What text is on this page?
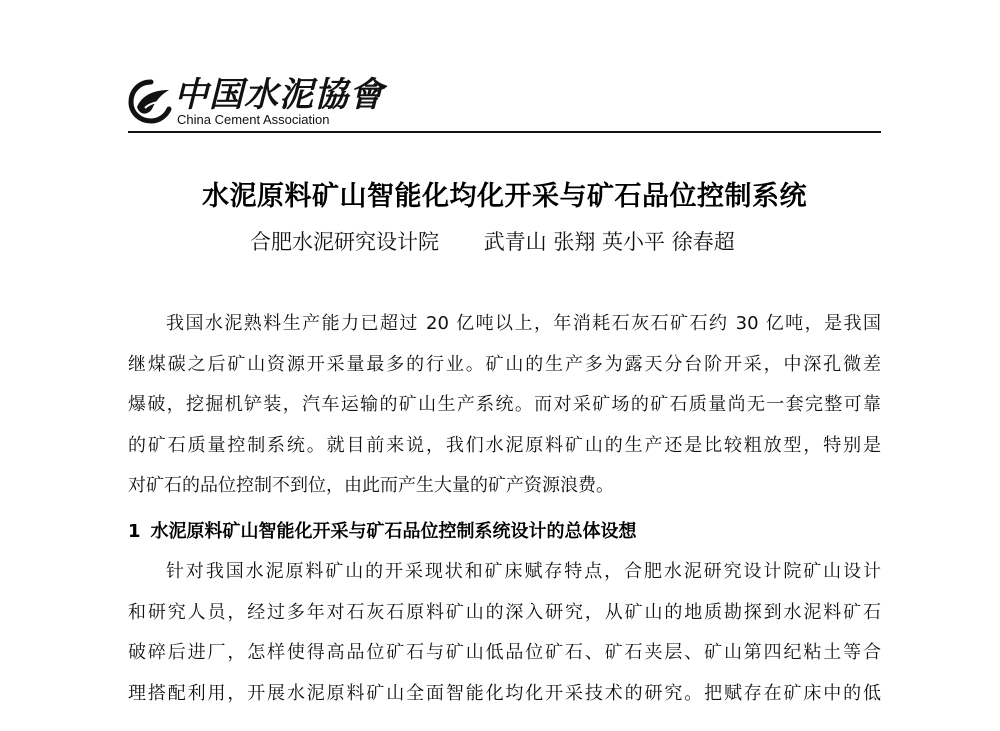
中国水泥協會
China Cement Association
水泥原料矿山智能化均化开采与矿石品位控制系统
合肥水泥研究设计院 武青山 张翔 英小平 徐春超
我国水泥熟料生产能力已超过 20 亿吨以上，年消耗石灰石矿石约 30 亿吨，是我国
继煤碳之后矿山资源开采量最多的行业。矿山的生产多为露天分台阶开采，中深孔微差
爆破，挖掘机铲装，汽车运输的矿山生产系统。而对采矿场的矿石质量尚无一套完整可靠
的矿石质量控制系统。就目前来说，我们水泥原料矿山的生产还是比较粗放型，特别是
对矿石的品位控制不到位，由此而产生大量的矿产资源浪费。
1 水泥原料矿山智能化开采与矿石品位控制系统设计的总体设想
针对我国水泥原料矿山的开采现状和矿床赋存特点，合肥水泥研究设计院矿山设计
和研究人员，经过多年对石灰石原料矿山的深入研究，从矿山的地质勘探到水泥料矿石
破碎后进厂，怎样使得高品位矿石与矿山低品位矿石、矿石夹层、矿山第四纪粘土等合
理搭配利用，开展水泥原料矿山全面智能化均化开采技术的研究。把赋存在矿床中的低
